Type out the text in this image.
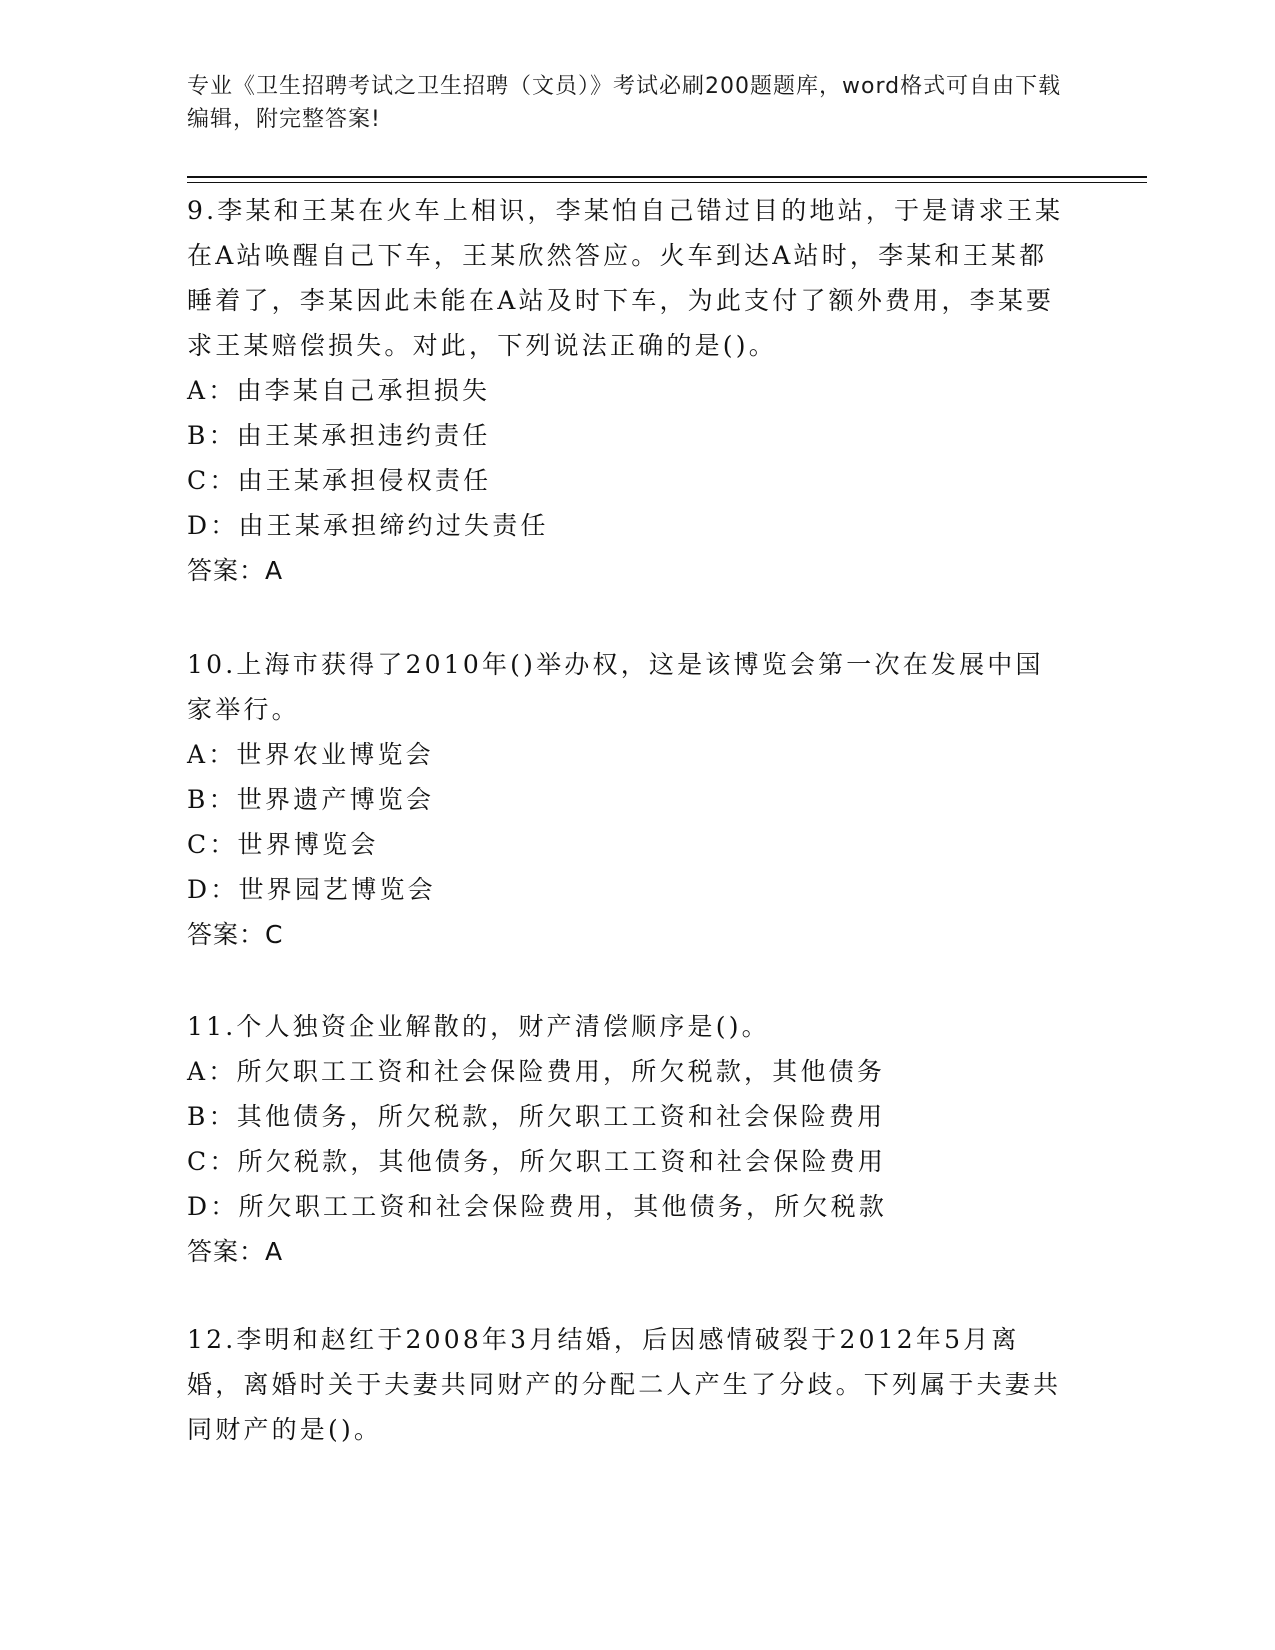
专业《卫生招聘考试之卫生招聘（文员）》考试必刷200题题库，word格式可自由下载编辑，附完整答案!

9.李某和王某在火车上相识，李某怕自己错过目的地站，于是请求王某在A站唤醒自己下车，王某欣然答应。火车到达A站时，李某和王某都睡着了，李某因此未能在A站及时下车，为此支付了额外费用，李某要求王某赔偿损失。对此，下列说法正确的是()。

A：由李某自己承担损失
B：由王某承担违约责任
C：由王某承担侵权责任
D：由王某承担缔约过失责任
答案：A

10.上海市获得了2010年()举办权，这是该博览会第一次在发展中国家举行。

A：世界农业博览会
B：世界遗产博览会
C：世界博览会
D：世界园艺博览会
答案：C

11.个人独资企业解散的，财产清偿顺序是()。

A：所欠职工工资和社会保险费用，所欠税款，其他债务
B：其他债务，所欠税款，所欠职工工资和社会保险费用
C：所欠税款，其他债务，所欠职工工资和社会保险费用
D：所欠职工工资和社会保险费用，其他债务，所欠税款
答案：A

12.李明和赵红于2008年3月结婚，后因感情破裂于2012年5月离婚，离婚时关于夫妻共同财产的分配二人产生了分歧。下列属于夫妻共同财产的是()。
